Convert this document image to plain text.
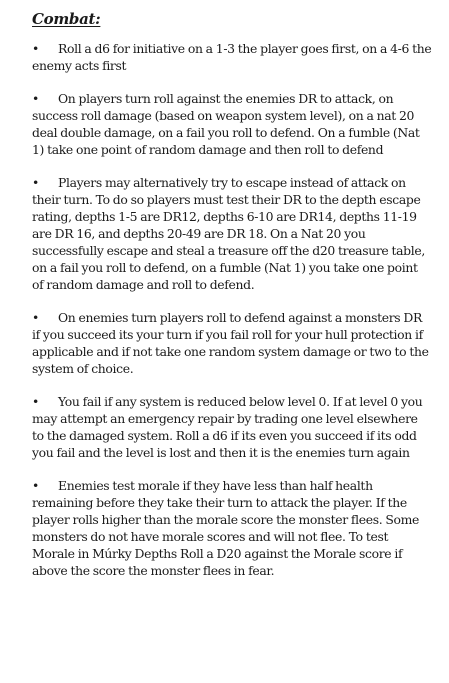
Combat:

• Roll a d6 for initiative on a 1-3 the player goes first, on a 4-6 the enemy acts first

• On players turn roll against the enemies DR to attack, on success roll damage (based on weapon system level), on a nat 20 deal double damage, on a fail you roll to defend. On a fumble (Nat 1) take one point of random damage and then roll to defend

• Players may alternatively try to escape instead of attack on their turn. To do so players must test their DR to the depth escape rating, depths 1-5 are DR12, depths 6-10 are DR14, depths 11-19 are DR 16, and depths 20-49 are DR 18. On a Nat 20 you successfully escape and steal a treasure off the d20 treasure table, on a fail you roll to defend, on a fumble (Nat 1) you take one point of random damage and roll to defend.

• On enemies turn players roll to defend against a monsters DR if you succeed its your turn if you fail roll for your hull protection if applicable and if not take one random system damage or two to the system of choice.

• You fail if any system is reduced below level 0. If at level 0 you may attempt an emergency repair by trading one level elsewhere to the damaged system. Roll a d6 if its even you succeed if its odd you fail and the level is lost and then it is the enemies turn again

• Enemies test morale if they have less than half health remaining before they take their turn to attack the player. If the player rolls higher than the morale score the monster flees. Some monsters do not have morale scores and will not flee. To test Morale in Múrky Depths Roll a D20 against the Morale score if above the score the monster flees in fear.
